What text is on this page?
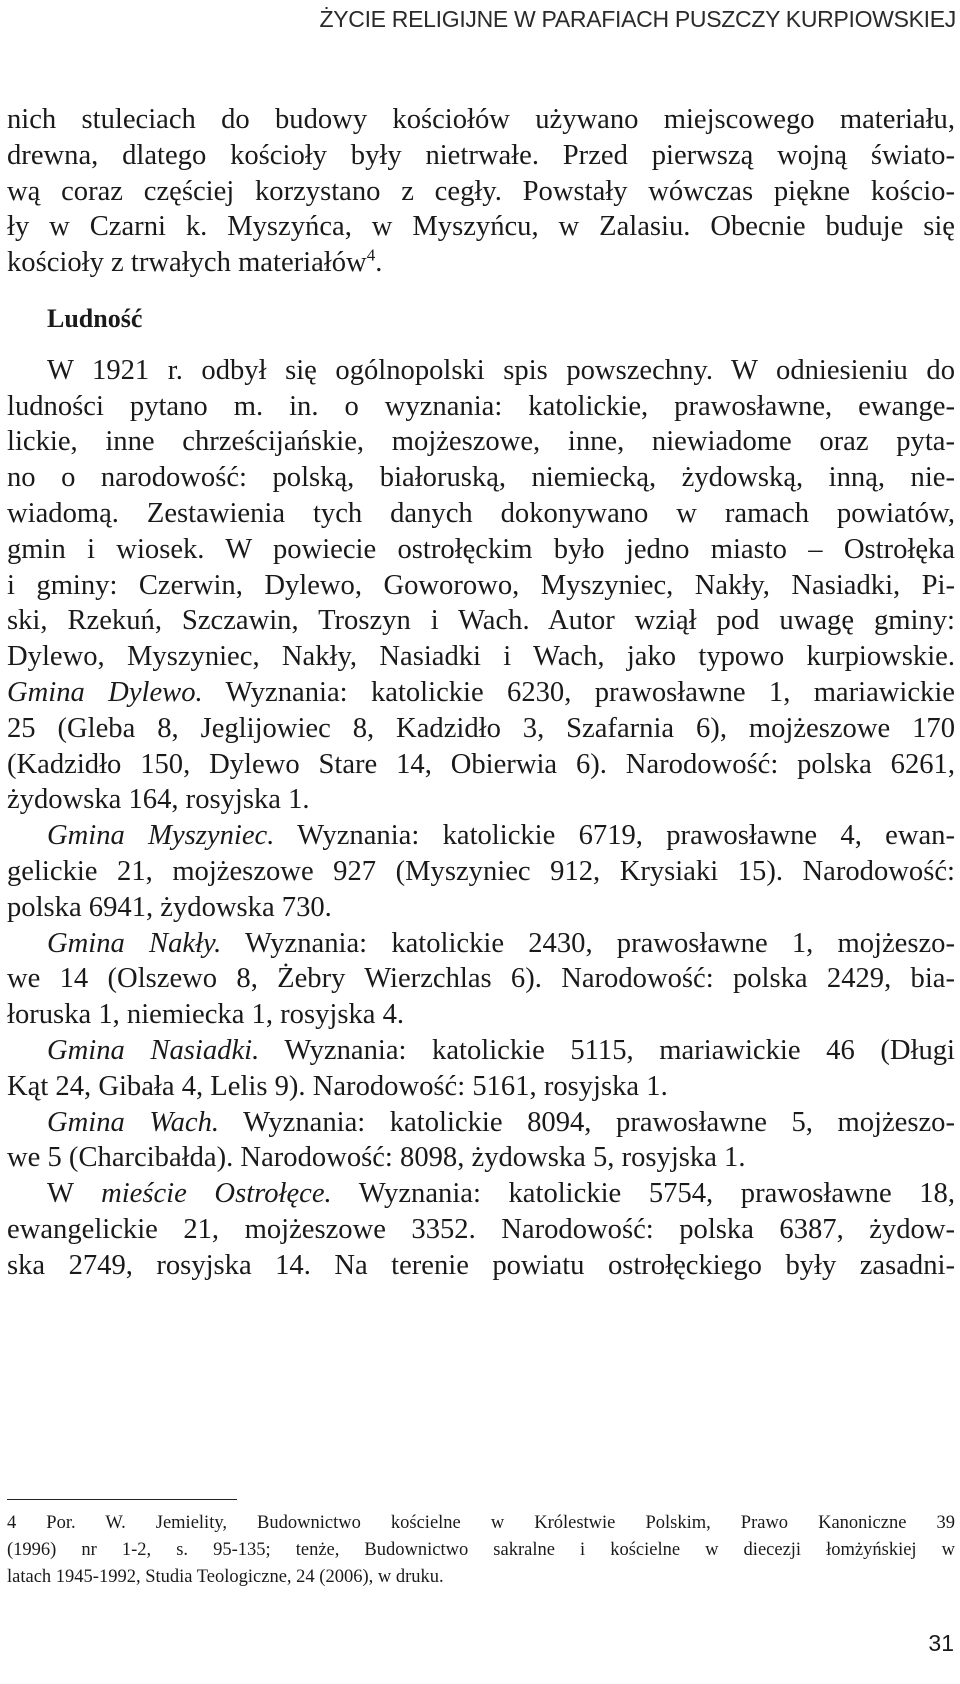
ŻYCIE RELIGIJNE W PARAFIACH PUSZCZY KURPIOWSKIEJ

nich stuleciach do budowy kościołów używano miejscowego materiału,
drewna, dlatego kościoły były nietrwałe. Przed pierwszą wojną świato-
wą coraz częściej korzystano z cegły. Powstały wówczas piękne kościo-
ły w Czarni k. Myszyńca, w Myszyńcu, w Zalasiu. Obecnie buduje się
kościoły z trwałych materiałów$^4$.

Ludność

W 1921 r. odbył się ogólnopolski spis powszechny. W odniesieniu do
ludności pytano m. in. o wyznania: katolickie, prawosławne, ewange-
lickie, inne chrześcijańskie, mojżeszowe, inne, niewiadome oraz pyta-
no o narodowość: polską, białoruską, niemiecką, żydowską, inną, nie-
wiadomą. Zestawienia tych danych dokonywano w ramach powiatów,
gmin i wiosek. W powiecie ostrołęckim było jedno miasto – Ostrołęka
i gminy: Czerwin, Dylewo, Goworowo, Myszyniec, Nakły, Nasiadki, Pi-
ski, Rzekuń, Szczawin, Troszyn i Wach. Autor wziął pod uwagę gminy:
Dylewo, Myszyniec, Nakły, Nasiadki i Wach, jako typowo kurpiowskie.
Gmina Dylewo. Wyznania: katolickie 6230, prawosławne 1, mariawickie
25 (Gleba 8, Jeglijowiec 8, Kadzidło 3, Szafarnia 6), mojżeszowe 170
(Kadzidło 150, Dylewo Stare 14, Obierwia 6). Narodowość: polska 6261,
żydowska 164, rosyjska 1.

Gmina Myszyniec. Wyznania: katolickie 6719, prawosławne 4, ewan-
gelickie 21, mojżeszowe 927 (Myszyniec 912, Krysiaki 15). Narodowość:
polska 6941, żydowska 730.

Gmina Nakły. Wyznania: katolickie 2430, prawosławne 1, mojżeszo-
we 14 (Olszewo 8, Żebry Wierzchlas 6). Narodowość: polska 2429, bia-
łoruska 1, niemiecka 1, rosyjska 4.

Gmina Nasiadki. Wyznania: katolickie 5115, mariawickie 46 (Długi
Kąt 24, Gibała 4, Lelis 9). Narodowość: 5161, rosyjska 1.

Gmina Wach. Wyznania: katolickie 8094, prawosławne 5, mojżeszo-
we 5 (Charcibałda). Narodowość: 8098, żydowska 5, rosyjska 1.

W mieście Ostrołęce. Wyznania: katolickie 5754, prawosławne 18,
ewangelickie 21, mojżeszowe 3352. Narodowość: polska 6387, żydow-
ska 2749, rosyjska 14. Na terenie powiatu ostrołęckiego były zasadni-

4 Por. W. Jemielity, Budownictwo kościelne w Królestwie Polskim, Prawo Kanoniczne 39
(1996) nr 1-2, s. 95-135; tenże, Budownictwo sakralne i kościelne w diecezji łomżyńskiej w
latach 1945-1992, Studia Teologiczne, 24 (2006), w druku.
31
